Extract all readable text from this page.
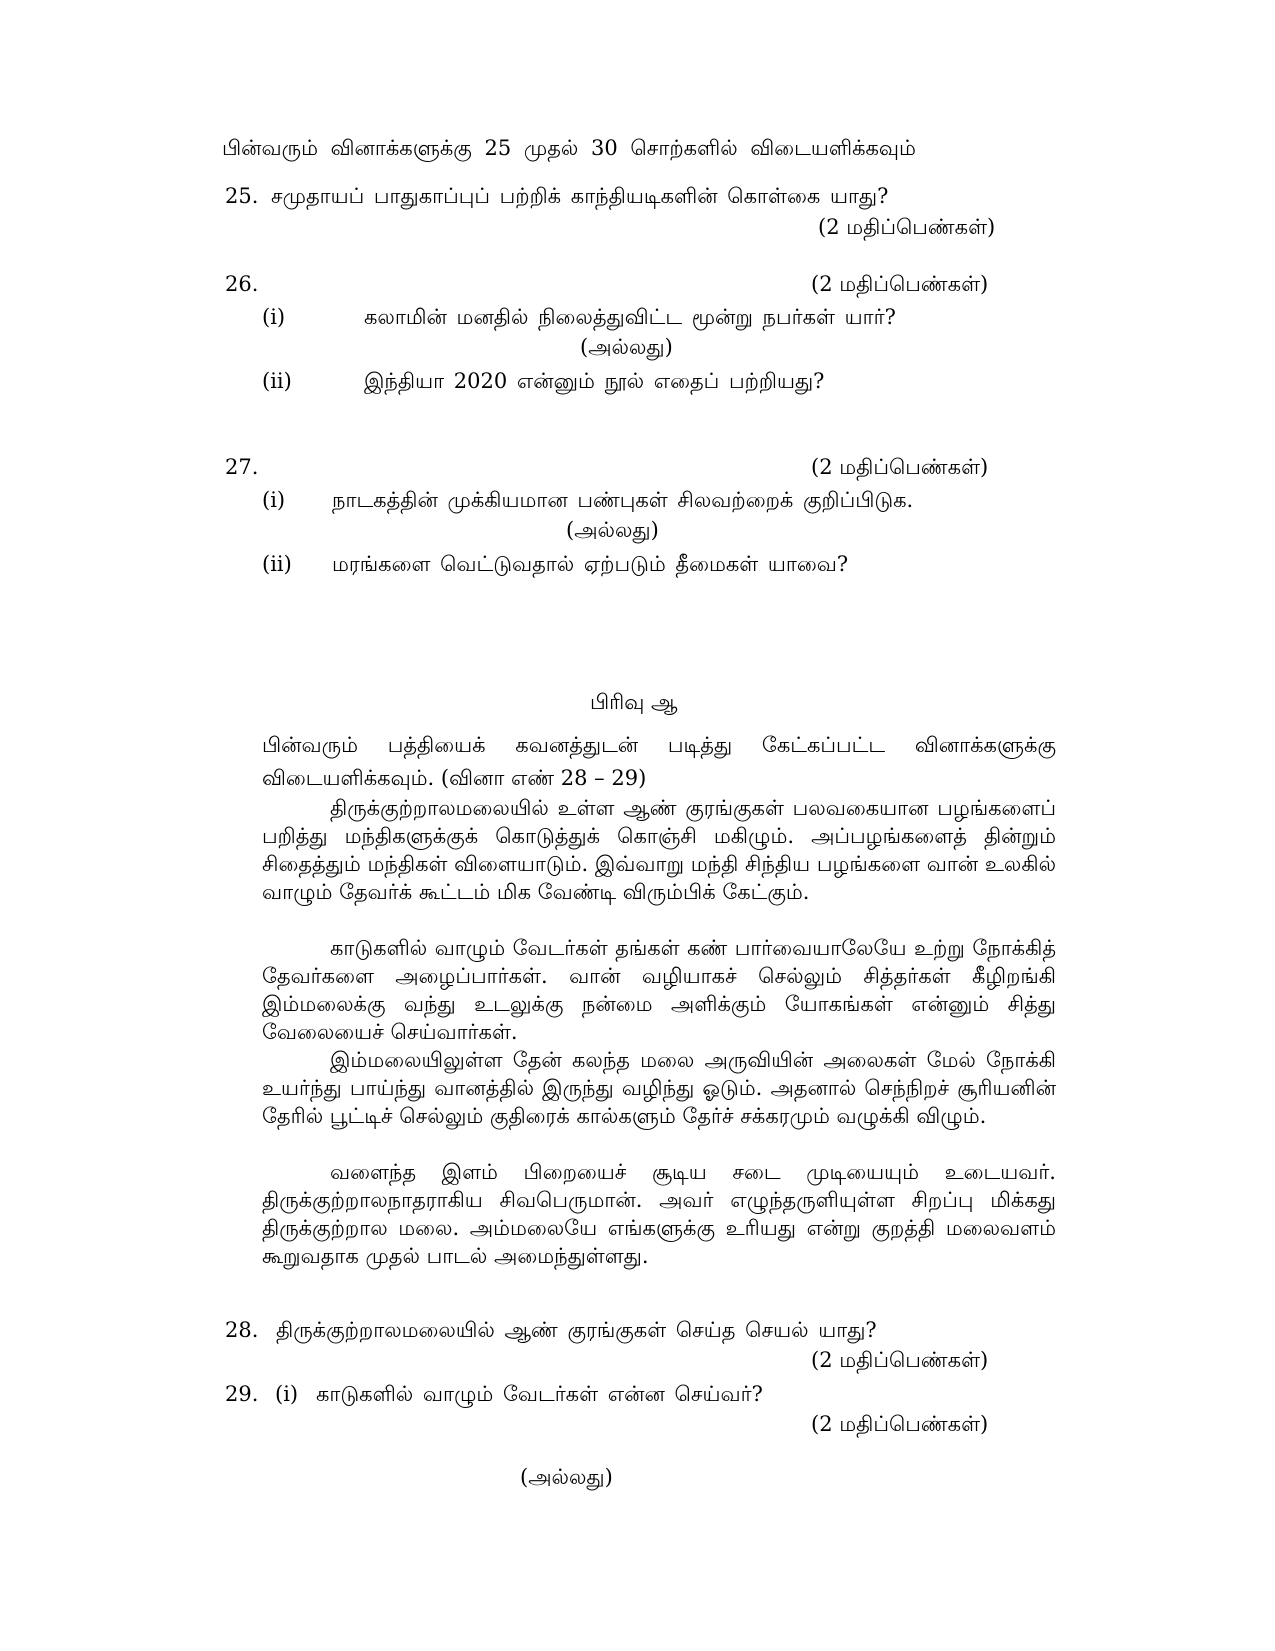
பின்வரும் வினாக்களுக்கு 25 முதல் 30 சொற்களில் விடையளிக்கவும்
25. சமுதாயப் பாதுகாப்புப் பற்றிக் காந்தியடிகளின் கொள்கை யாது?
(2 மதிப்பெண்கள்)
26.	(2 மதிப்பெண்கள்)
(i)	கலாமின் மனதில் நிலைத்துவிட்ட மூன்று நபர்கள் யார்?
(அல்லது)
(ii)	இந்தியா 2020 என்னும் நூல் எதைப் பற்றியது?
27.	(2 மதிப்பெண்கள்)
(i) நாடகத்தின் முக்கியமான பண்புகள் சிலவற்றைக் குறிப்பிடுக.
(அல்லது)
(ii) மரங்களை வெட்டுவதால் ஏற்படும் தீமைகள் யாவை?
பிரிவு ஆ
பின்வரும் பத்தியைக் கவனத்துடன் படித்து கேட்கப்பட்ட வினாக்களுக்கு
விடையளிக்கவும். (வினா எண் 28 – 29)
திருக்குற்றாலமலையில் உள்ள ஆண் குரங்குகள் பலவகையான பழங்களைப் பறித்து மந்திகளுக்குக் கொடுத்துக் கொஞ்சி மகிழும். அப்பழங்களைத் தின்றும் சிதைத்தும் மந்திகள் விளையாடும். இவ்வாறு மந்தி சிந்திய பழங்களை வான் உலகில் வாழும் தேவர்க் கூட்டம் மிக வேண்டி விரும்பிக் கேட்கும்.
காடுகளில் வாழும் வேடர்கள் தங்கள் கண் பார்வையாலேயே உற்று நோக்கித் தேவர்களை அழைப்பார்கள். வான் வழியாகச் செல்லும் சித்தர்கள் கீழிறங்கி இம்மலைக்கு வந்து உடலுக்கு நன்மை அளிக்கும் யோகங்கள் என்னும் சித்து வேலையைச் செய்வார்கள்.
இம்மலையிலுள்ள தேன் கலந்த மலை அருவியின் அலைகள் மேல் நோக்கி உயர்ந்து பாய்ந்து வானத்தில் இருந்து வழிந்து ஓடும். அதனால் செந்நிறச் சூரியனின் தேரில் பூட்டிச் செல்லும் குதிரைக் கால்களும் தேர்ச் சக்கரமும் வழுக்கி விழும்.
வளைந்த இளம் பிறையைச் சூடிய சடை முடியையும் உடையவர். திருக்குற்றாலநாதராகிய சிவபெருமான். அவர் எழுந்தருளியுள்ள சிறப்பு மிக்கது திருக்குற்றால மலை. அம்மலையே எங்களுக்கு உரியது என்று குறத்தி மலைவளம் கூறுவதாக முதல் பாடல் அமைந்துள்ளது.
28. திருக்குற்றாலமலையில் ஆண் குரங்குகள் செய்த செயல் யாது?
(2 மதிப்பெண்கள்)
29. (i) காடுகளில் வாழும் வேடர்கள் என்ன செய்வர்?
(2 மதிப்பெண்கள்)
(அல்லது)
